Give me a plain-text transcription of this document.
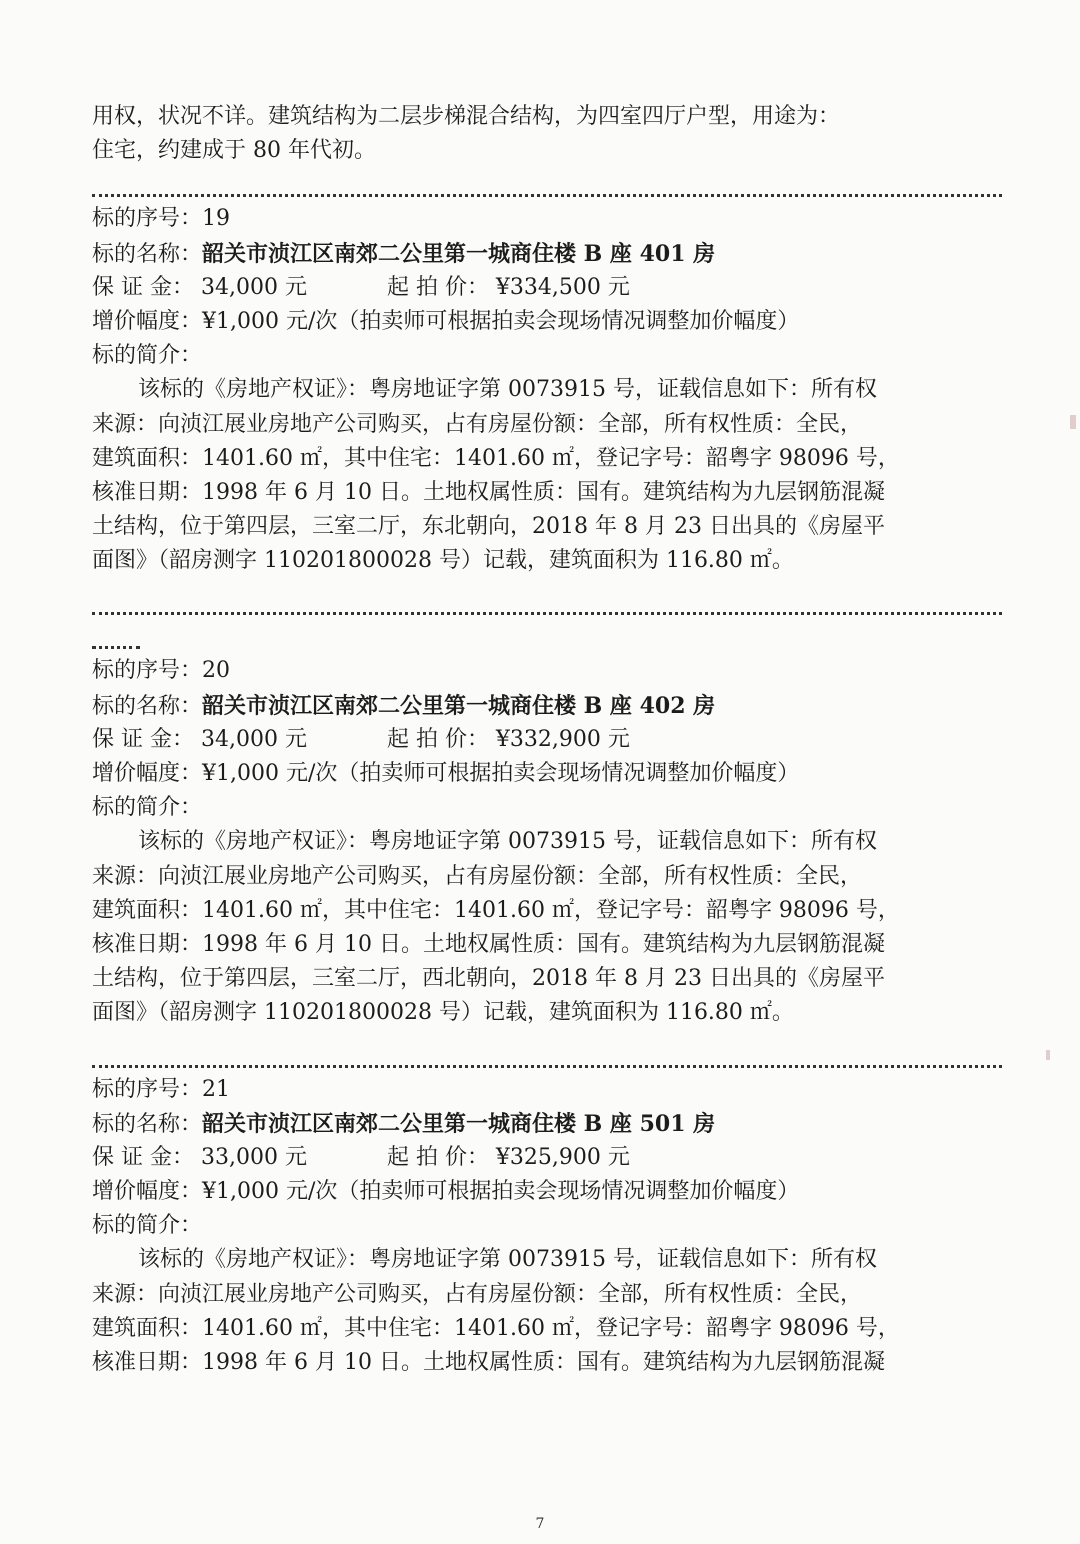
用权，状况不详。建筑结构为二层步梯混合结构，为四室四厅户型，用途为：
住宅，约建成于 80 年代初。
标的序号：19
标的名称：韶关市浈江区南郊二公里第一城商住楼 B 座 401 房
保 证 金： 34,000 元	起 拍 价： ¥334,500 元
增价幅度：¥1,000 元/次（拍卖师可根据拍卖会现场情况调整加价幅度）
标的简介：
该标的《房地产权证》：粤房地证字第 0073915 号，证载信息如下：所有权
来源：向浈江展业房地产公司购买，占有房屋份额：全部，所有权性质：全民，
建筑面积：1401.60 ㎡，其中住宅：1401.60 ㎡，登记字号：韶粤字 98096 号，
核准日期：1998 年 6 月 10 日。土地权属性质：国有。建筑结构为九层钢筋混凝
土结构，位于第四层，三室二厅，东北朝向，2018 年 8 月 23 日出具的《房屋平
面图》（韶房测字 110201800028 号）记载，建筑面积为 116.80 ㎡。
标的序号：20
标的名称：韶关市浈江区南郊二公里第一城商住楼 B 座 402 房
保 证 金： 34,000 元	起 拍 价： ¥332,900 元
增价幅度：¥1,000 元/次（拍卖师可根据拍卖会现场情况调整加价幅度）
标的简介：
该标的《房地产权证》：粤房地证字第 0073915 号，证载信息如下：所有权
来源：向浈江展业房地产公司购买，占有房屋份额：全部，所有权性质：全民，
建筑面积：1401.60 ㎡，其中住宅：1401.60 ㎡，登记字号：韶粤字 98096 号，
核准日期：1998 年 6 月 10 日。土地权属性质：国有。建筑结构为九层钢筋混凝
土结构，位于第四层，三室二厅，西北朝向，2018 年 8 月 23 日出具的《房屋平
面图》（韶房测字 110201800028 号）记载，建筑面积为 116.80 ㎡。
标的序号：21
标的名称：韶关市浈江区南郊二公里第一城商住楼 B 座 501 房
保 证 金： 33,000 元	起 拍 价： ¥325,900 元
增价幅度：¥1,000 元/次（拍卖师可根据拍卖会现场情况调整加价幅度）
标的简介：
该标的《房地产权证》：粤房地证字第 0073915 号，证载信息如下：所有权
来源：向浈江展业房地产公司购买，占有房屋份额：全部，所有权性质：全民，
建筑面积：1401.60 ㎡，其中住宅：1401.60 ㎡，登记字号：韶粤字 98096 号，
核准日期：1998 年 6 月 10 日。土地权属性质：国有。建筑结构为九层钢筋混凝
7
